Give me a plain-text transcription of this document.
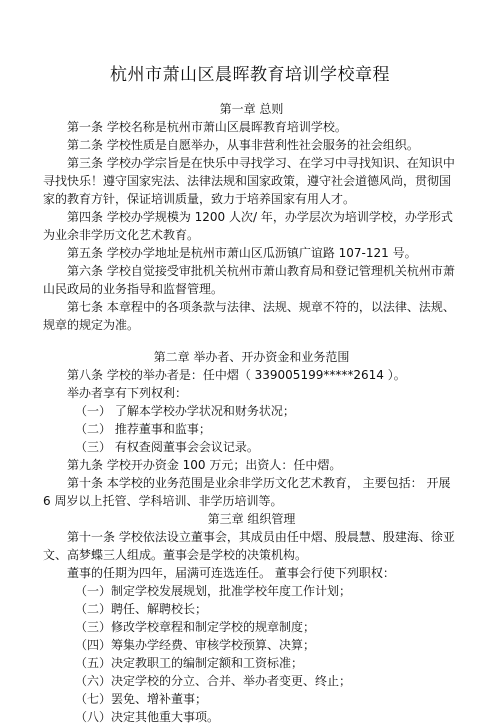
杭州市萧山区晨晖教育培训学校章程

第一章 总则

第一条 学校名称是杭州市萧山区晨晖教育培训学校。

第二条 学校性质是自愿举办，从事非营利性社会服务的社会组织。

第三条 学校办学宗旨是在快乐中寻找学习、在学习中寻找知识、在知识中寻找快乐！遵守国家宪法、法律法规和国家政策，遵守社会道德风尚，贯彻国家的教育方针，保证培训质量，致力于培养国家有用人才。

第四条 学校办学规模为 1200 人次/ 年，办学层次为培训学校，办学形式为业余非学历文化艺术教育。

第五条 学校办学地址是杭州市萧山区瓜沥镇广谊路 107-121 号。

第六条 学校自觉接受审批机关杭州市萧山教育局和登记管理机关杭州市萧山民政局的业务指导和监督管理。

第七条 本章程中的各项条款与法律、法规、规章不符的，以法律、法规、规章的规定为准。

第二章 举办者、开办资金和业务范围

第八条 学校的举办者是：任中熠（ 339005199*****2614 ）。

举办者享有下列权利：

（一） 了解本学校办学状况和财务状况；

（二） 推荐董事和监事；

（三） 有权查阅董事会会议记录。

第九条 学校开办资金 100 万元；出资人：任中熠。

第十条 本学校的业务范围是业余非学历文化艺术教育， 主要包括： 开展 6 周岁以上托管、学科培训、非学历培训等。

第三章 组织管理

第十一条 学校依法设立董事会，其成员由任中熠、殷晨慧、殷建海、徐亚文、高梦蝶三人组成。董事会是学校的决策机构。

董事的任期为四年，届满可连选连任。 董事会行使下列职权：

（一）制定学校发展规划，批准学校年度工作计划；

（二）聘任、解聘校长；

（三）修改学校章程和制定学校的规章制度；

（四）筹集办学经费、审核学校预算、决算；

（五）决定教职工的编制定额和工资标准；

（六）决定学校的分立、合并、举办者变更、终止；

（七）罢免、增补董事；

（八）决定其他重大事项。
